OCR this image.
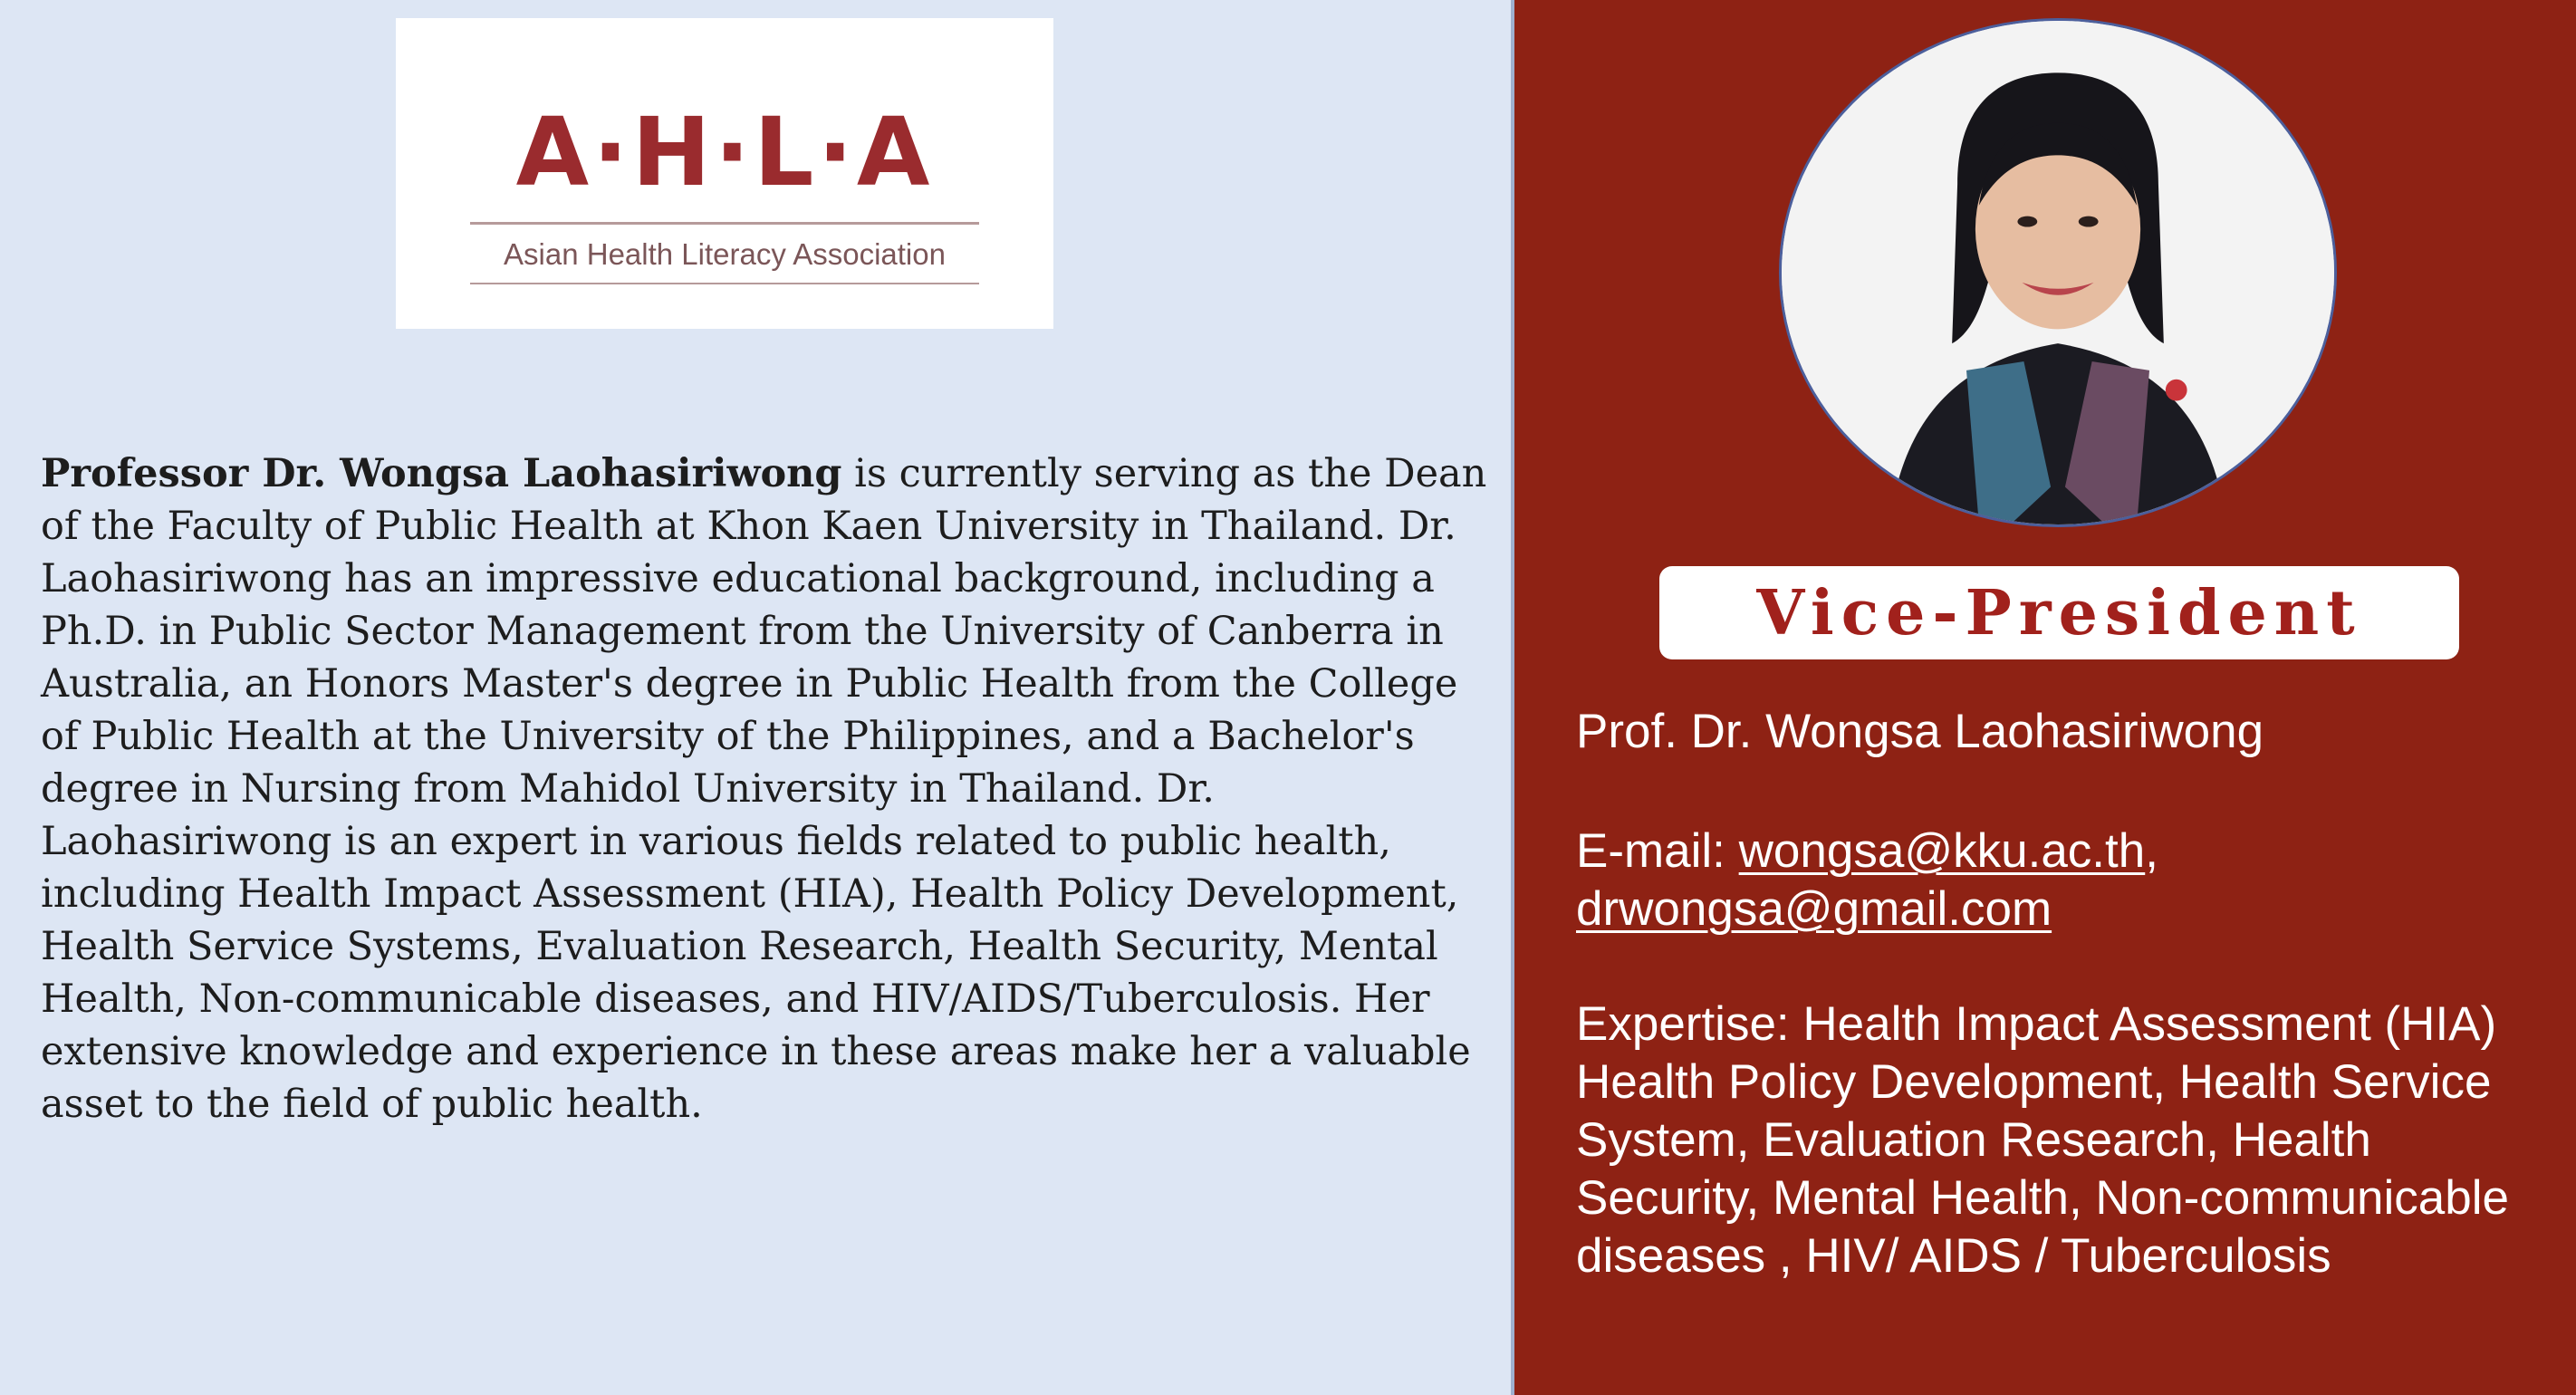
A·H·L·A
Asian Health Literacy Association

Professor Dr. Wongsa Laohasiriwong is currently serving as the Dean of the Faculty of Public Health at Khon Kaen University in Thailand. Dr. Laohasiriwong has an impressive educational background, including a Ph.D. in Public Sector Management from the University of Canberra in Australia, an Honors Master's degree in Public Health from the College of Public Health at the University of the Philippines, and a Bachelor's degree in Nursing from Mahidol University in Thailand. Dr. Laohasiriwong is an expert in various fields related to public health, including Health Impact Assessment (HIA), Health Policy Development, Health Service Systems, Evaluation Research, Health Security, Mental Health, Non-communicable diseases, and HIV/AIDS/Tuberculosis. Her extensive knowledge and experience in these areas make her a valuable asset to the field of public health.

Vice-President

Prof. Dr. Wongsa Laohasiriwong

E-mail: wongsa@kku.ac.th,
drwongsa@gmail.com

Expertise: Health Impact Assessment (HIA) Health Policy Development, Health Service System, Evaluation Research, Health Security, Mental Health, Non-communicable diseases , HIV/ AIDS / Tuberculosis
